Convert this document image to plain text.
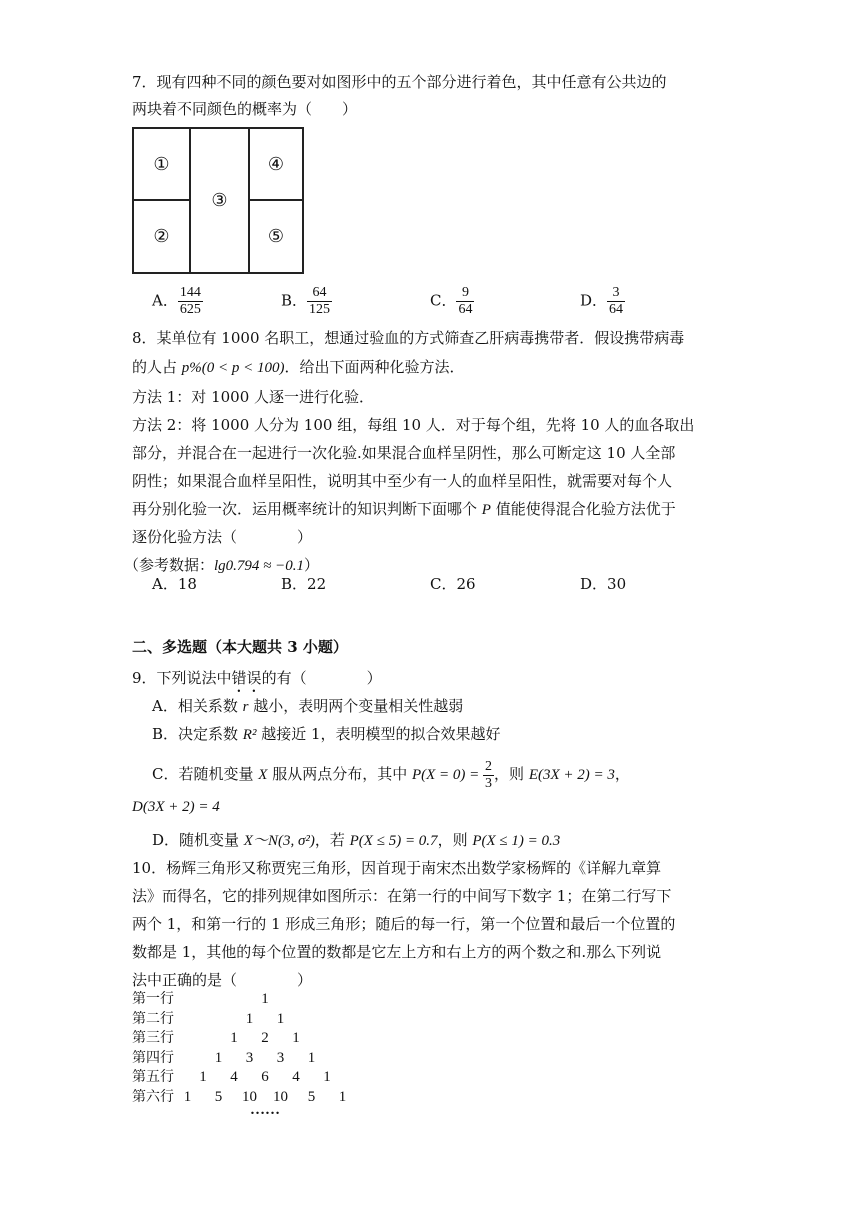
7．现有四种不同的颜色要对如图形中的五个部分进行着色，其中任意有公共边的
两块着不同颜色的概率为（　　）
①
②
③
④
⑤
A． $\frac{144}{625}$	B． $\frac{64}{125}$	C． $\frac{9}{64}$	D． $\frac{3}{64}$
8．某单位有 1000 名职工，想通过验血的方式筛查乙肝病毒携带者．假设携带病毒
的人占 p%(0 < p < 100)．给出下面两种化验方法．
方法 1：对 1000 人逐一进行化验．
方法 2：将 1000 人分为 100 组，每组 10 人．对于每个组，先将 10 人的血各取出
部分，并混合在一起进行一次化验.如果混合血样呈阴性，那么可断定这 10 人全部
阴性；如果混合血样呈阳性，说明其中至少有一人的血样呈阳性，就需要对每个人
再分别化验一次．运用概率统计的知识判断下面哪个 P 值能使得混合化验方法优于
逐份化验方法（　　　　）
（参考数据：lg0.794 ≈ −0.1）
A．18	B．22	C．26	D．30
二、多选题（本大题共 3 小题）
9．下列说法中错误的有（　　　　）
A．相关系数 r 越小，表明两个变量相关性越弱
B．决定系数 R² 越接近 1，表明模型的拟合效果越好
C．若随机变量 X 服从两点分布，其中 $P(X = 0) = \frac{2}{3}$ ，则 E(3X + 2) = 3，
D(3X + 2) = 4
D．随机变量 X～N(3, σ²)，若 P(X ≤ 5) = 0.7，则 P(X ≤ 1) = 0.3
10．杨辉三角形又称贾宪三角形，因首现于南宋杰出数学家杨辉的《详解九章算
法》而得名，它的排列规律如图所示：在第一行的中间写下数字 1；在第二行写下
两个 1，和第一行的 1 形成三角形；随后的每一行，第一个位置和最后一个位置的
数都是 1，其他的每个位置的数都是它左上方和右上方的两个数之和.那么下列说
法中正确的是（　　　　）
第一行	1
第二行	1	1
第三行	1	2	1
第四行	1	3	3	1
第五行	1	4	6	4	1
第六行 1	5	10	10	5	1
……
